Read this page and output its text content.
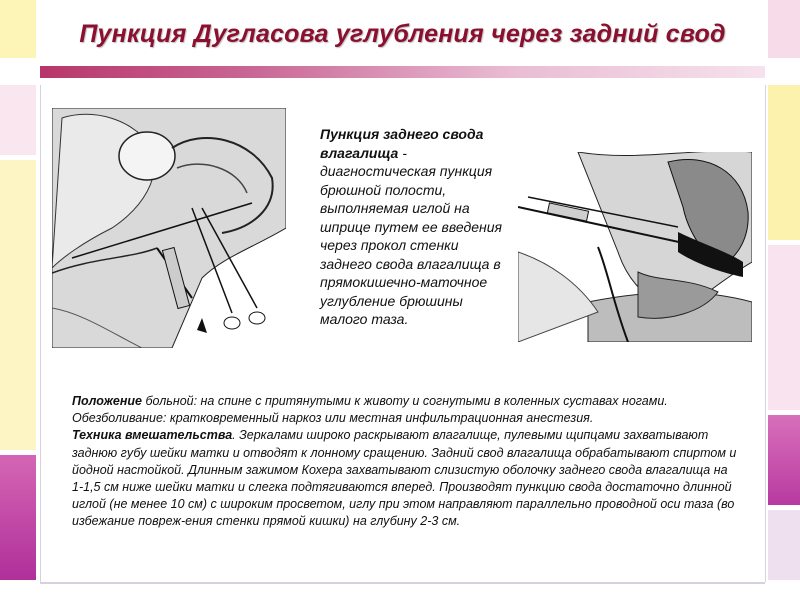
Пункция Дугласова углубления через задний свод
Пункция заднего свода влагалища - диагностическая пункция брюшной полости, выполняемая иглой на шприце путем ее введения через прокол стенки заднего свода влагалища в прямокишечно-маточное углубление брюшины малого таза.

Положение больной: на спине с притянутыми к животу и согнутыми в коленных суставах ногами. Обезболивание: кратковременный наркоз или местная инфильтрационная анестезия.

Техника вмешательства. Зеркалами широко раскрывают влагалище, пулевыми щипцами захватывают заднюю губу шейки матки и отводят к лонному сращению. Задний свод влагалища обрабатывают спиртом и йодной настойкой. Длинным зажимом Кохера захватывают слизистую оболочку заднего свода влагалища на 1-1,5 см ниже шейки матки и слегка подтягиваются вперед. Производят пункцию свода достаточно длинной иглой (не менее 10 см) с широким просветом, иглу при этом направляют параллельно проводной оси таза (во избежание повреж-ения стенки прямой кишки) на глубину 2-3 см.
